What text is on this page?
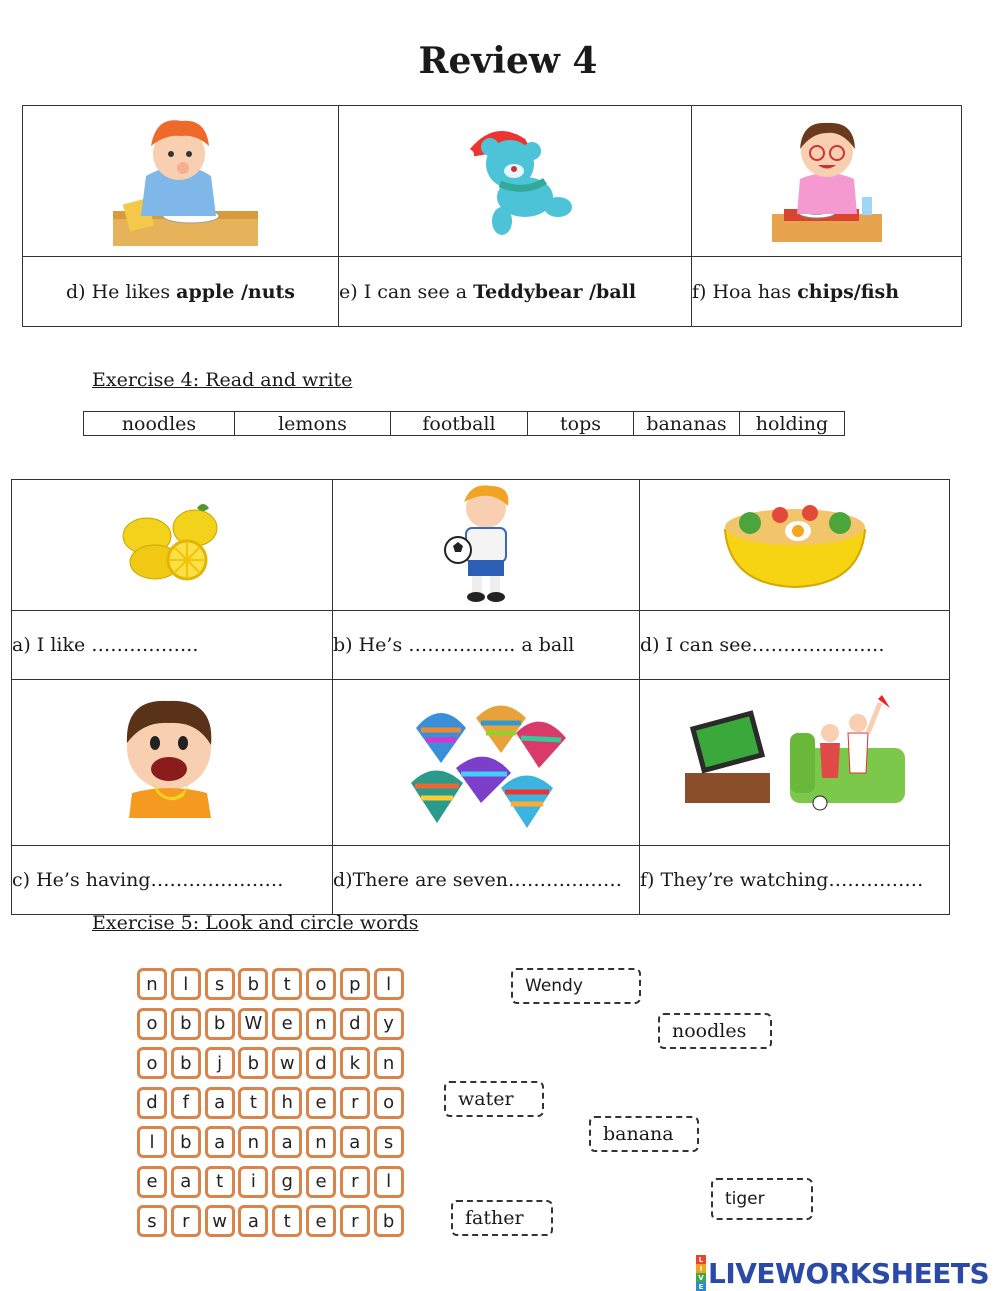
Review 4

d) He likes apple /nuts	e) I can see a Teddybear /ball	f) Hoa has chips/fish
Exercise 4: Read and write
noodles	lemons	football	tops	bananas	holding

a) I like ……………..	b) He’s …………….. a ball	d) I can see…………………

c) He’s having…………………	d)There are seven………………	f) They’re watching……………
Exercise 5: Look and circle words
n	l	s	b	t	o	p	l
o	b	b	W	e	n	d	y
o	b	j	b	w	d	k	n
d	f	a	t	h	e	r	o
l	b	a	n	a	n	a	s
e	a	t	i	g	e	r	l
s	r	w	a	t	e	r	b
Wendy
noodles
water
banana
tiger
father
L
I
V
E LIVEWORKSHEETS
